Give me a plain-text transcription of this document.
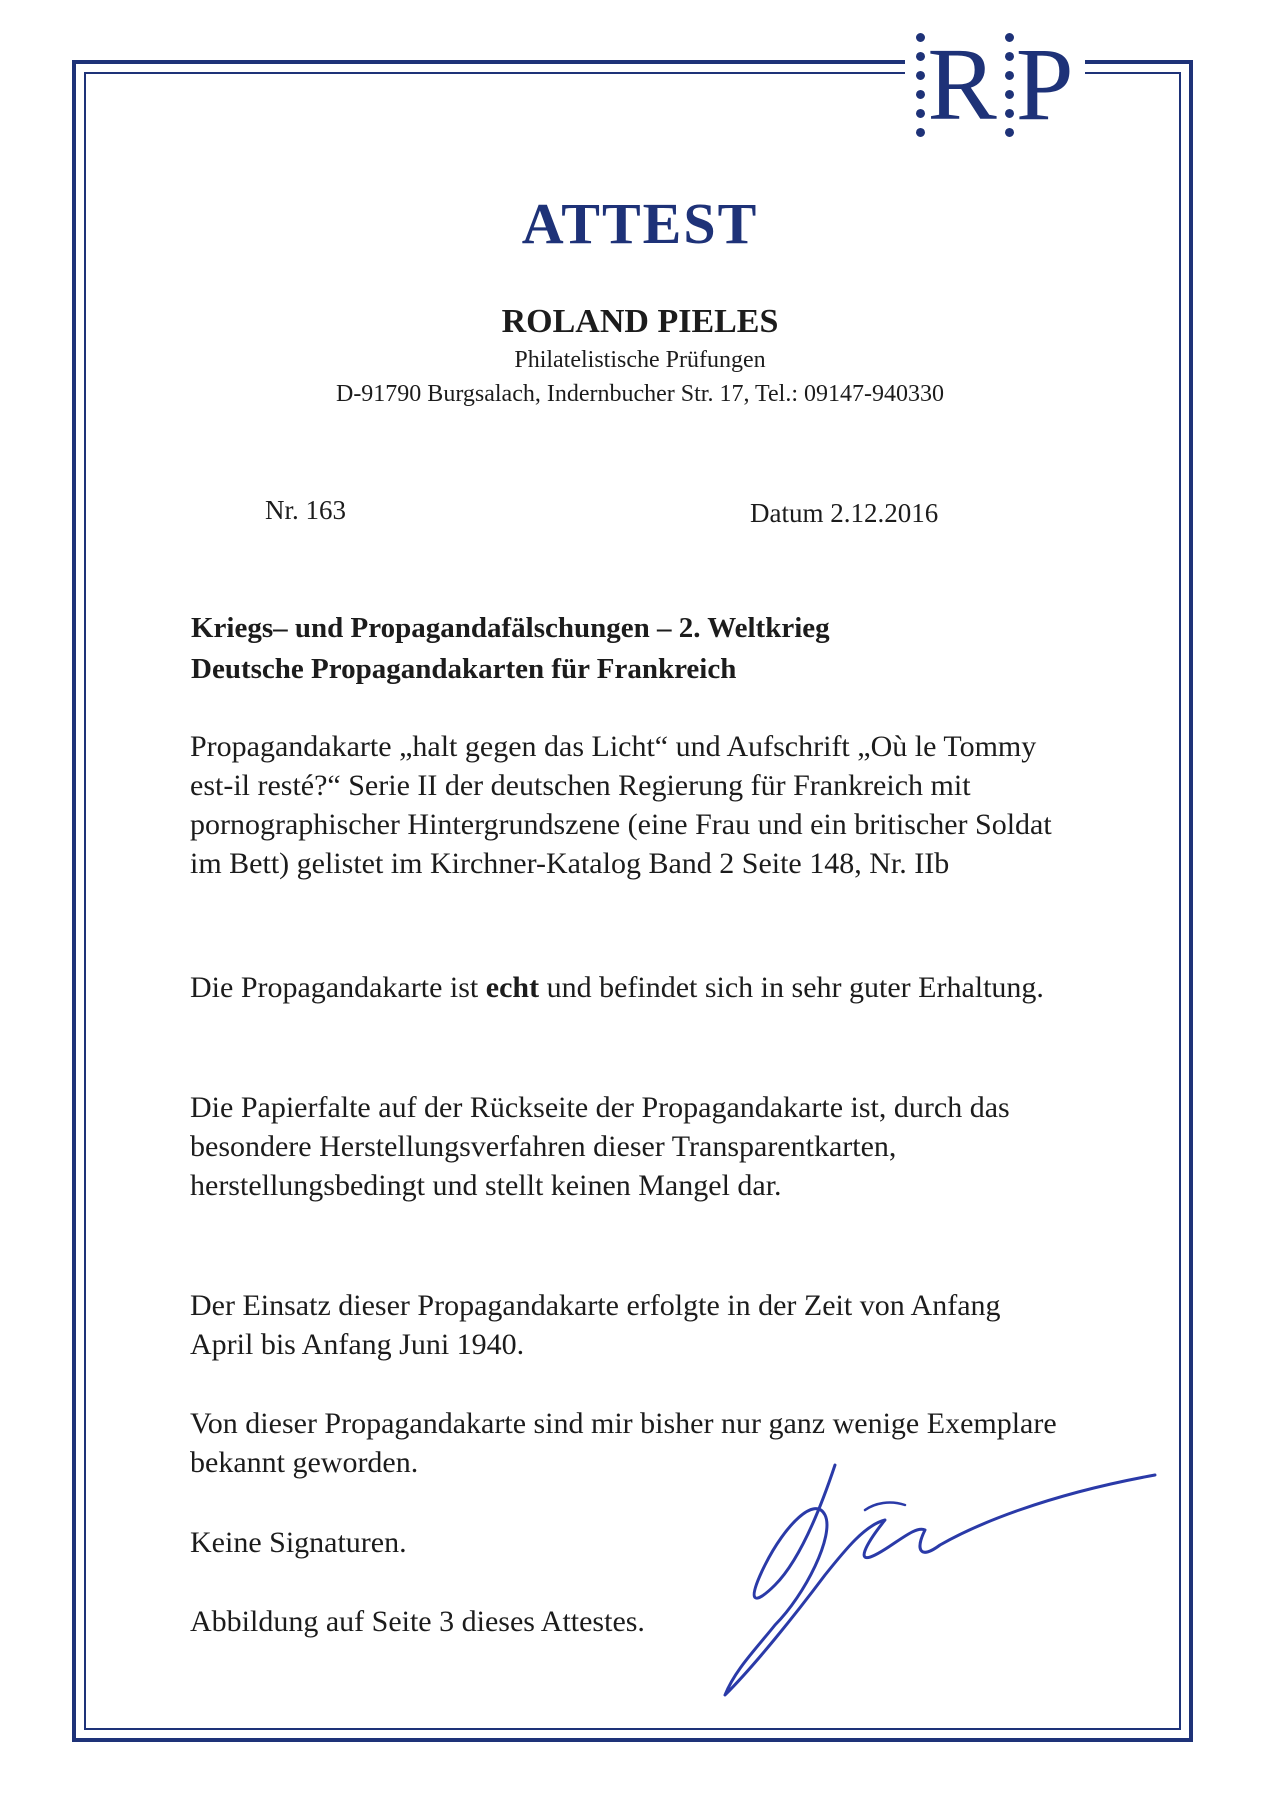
R P
ATTEST
ROLAND PIELES
Philatelistische Prüfungen
D-91790 Burgsalach, Indernbucher Str. 17, Tel.: 09147-940330
Nr. 163	Datum 2.12.2016
Kriegs– und Propagandafälschungen – 2. Weltkrieg
Deutsche Propagandakarten für Frankreich
Propagandakarte „halt gegen das Licht“ und Aufschrift „Où le Tommy est-il resté?“ Serie II der deutschen Regierung für Frankreich mit pornographischer Hintergrundszene (eine Frau und ein britischer Soldat im Bett) gelistet im Kirchner-Katalog Band 2 Seite 148, Nr. IIb
Die Propagandakarte ist echt und befindet sich in sehr guter Erhaltung.
Die Papierfalte auf der Rückseite der Propagandakarte ist, durch das besondere Herstellungsverfahren dieser Transparentkarten, herstellungsbedingt und stellt keinen Mangel dar.
Der Einsatz dieser Propagandakarte erfolgte in der Zeit von Anfang April bis Anfang Juni 1940.
Von dieser Propagandakarte sind mir bisher nur ganz wenige Exemplare bekannt geworden.
Keine Signaturen.
Abbildung auf Seite 3 dieses Attestes.
